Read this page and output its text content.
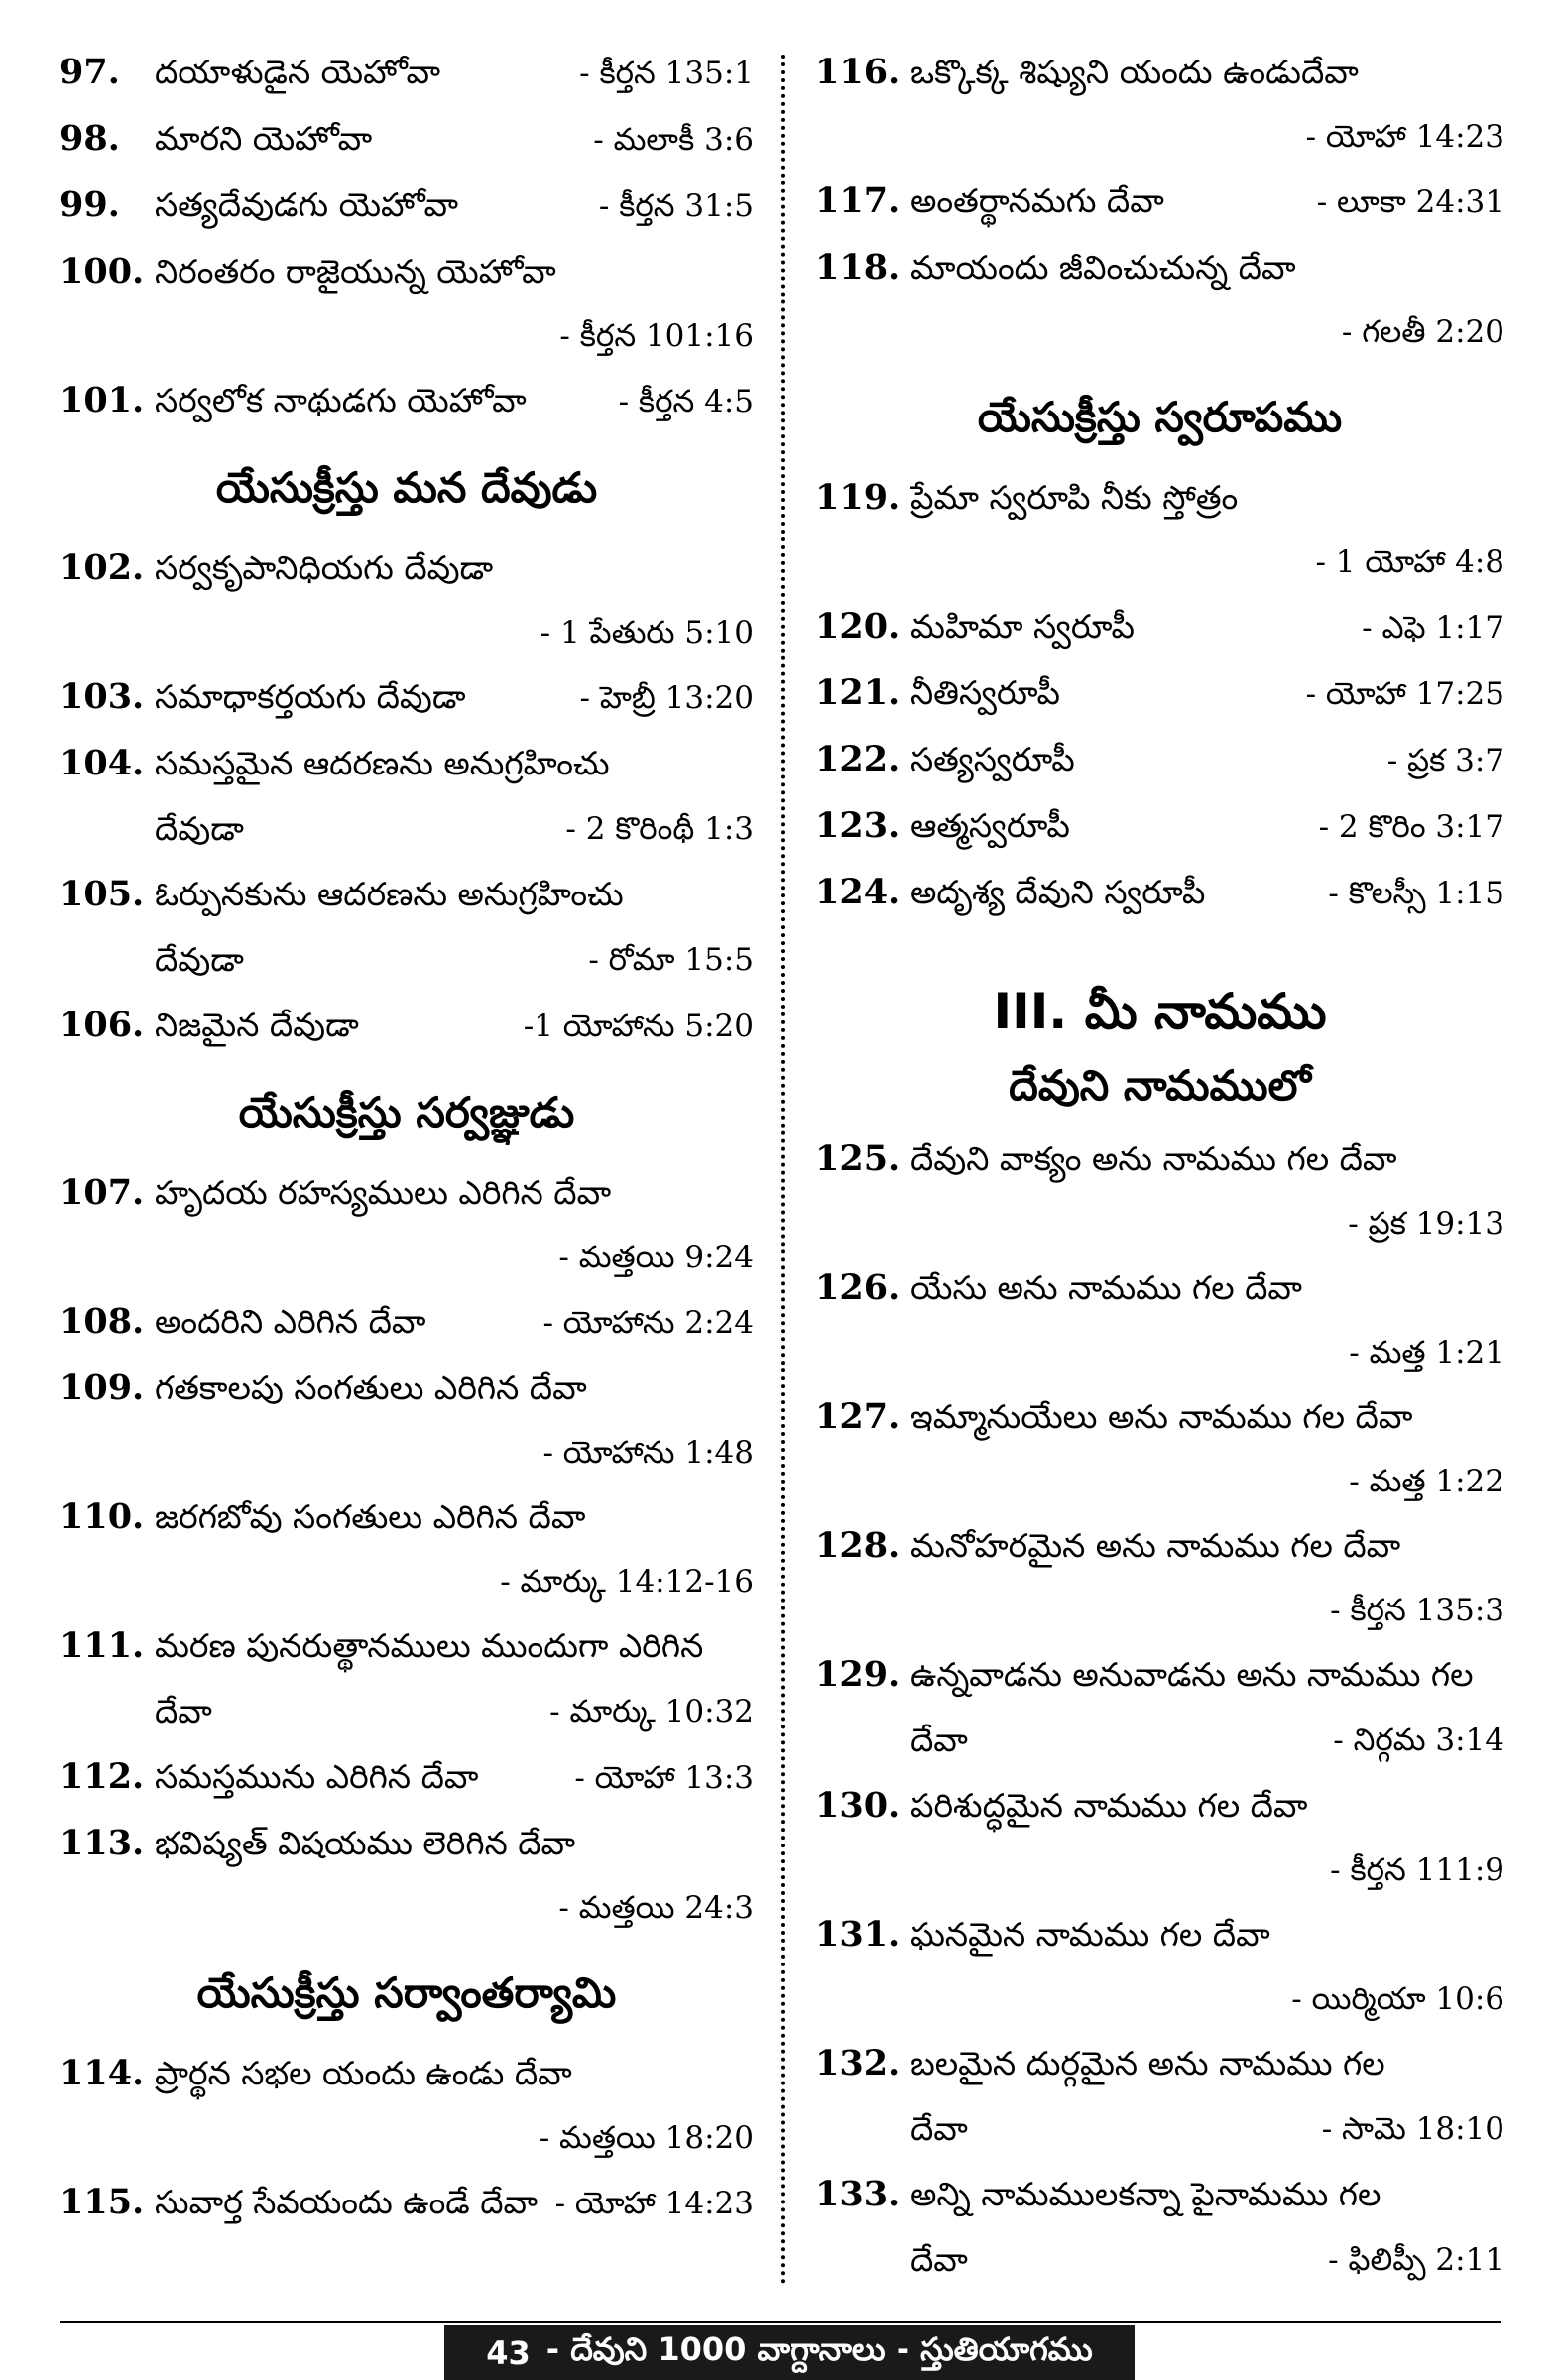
97.	దయాళుడైన యెహోవా	- కీర్తన 135:1
98.	మారని యెహోవా	- మలాకీ 3:6
99.	సత్యదేవుడగు యెహోవా	- కీర్తన 31:5
100. నిరంతరం రాజైయున్న యెహోవా
- కీర్తన 101:16
101. సర్వలోక నాథుడగు యెహోవా	- కీర్తన 4:5
యేసుక్రీస్తు మన దేవుడు
102. సర్వకృపానిధియగు దేవుడా
- 1 పేతురు 5:10
103. సమాధాకర్తయగు దేవుడా	- హెబ్రీ 13:20
104. సమస్తమైన ఆదరణను అనుగ్రహించు
దేవుడా	- 2 కొరింథీ 1:3
105. ఓర్పునకును ఆదరణను అనుగ్రహించు
దేవుడా	- రోమా 15:5
106. నిజమైన దేవుడా	-1 యోహాను 5:20
యేసుక్రీస్తు సర్వజ్ఞుడు
107. హృదయ రహస్యములు ఎరిగిన దేవా
- మత్తయి 9:24
108. అందరిని ఎరిగిన దేవా	- యోహాను 2:24
109. గతకాలపు సంగతులు ఎరిగిన దేవా
- యోహాను 1:48
110. జరగబోవు సంగతులు ఎరిగిన దేవా
- మార్కు 14:12-16
111. మరణ పునరుత్థానములు ముందుగా ఎరిగిన
దేవా	- మార్కు 10:32
112. సమస్తమును ఎరిగిన దేవా	- యోహా 13:3
113. భవిష్యత్ విషయము లెరిగిన దేవా
- మత్తయి 24:3
యేసుక్రీస్తు సర్వాంతర్యామి
114. ప్రార్థన సభల యందు ఉండు దేవా
- మత్తయి 18:20
115. సువార్త సేవయందు ఉండే దేవా - యోహా 14:23
116. ఒక్కొక్క శిష్యుని యందు ఉండుదేవా
- యోహా 14:23
117. అంతర్థానమగు దేవా	- లూకా 24:31
118. మాయందు జీవించుచున్న దేవా
- గలతీ 2:20
యేసుక్రీస్తు స్వరూపము
119. ప్రేమా స్వరూపి నీకు స్తోత్రం
- 1 యోహా 4:8
120. మహిమా స్వరూపీ	- ఎఫె 1:17
121. నీతిస్వరూపీ	- యోహా 17:25
122. సత్యస్వరూపీ	- ప్రక 3:7
123. ఆత్మస్వరూపీ	- 2 కొరిం 3:17
124. అదృశ్య దేవుని స్వరూపీ	- కొలస్సీ 1:15
III. మీ నామము
దేవుని నామములో
125. దేవుని వాక్యం అను నామము గల దేవా
- ప్రక 19:13
126. యేసు అను నామము గల దేవా
- మత్త 1:21
127. ఇమ్మానుయేలు అను నామము గల దేవా
- మత్త 1:22
128. మనోహరమైన అను నామము గల దేవా
- కీర్తన 135:3
129. ఉన్నవాడను అనువాడను అను నామము గల
దేవా	- నిర్గమ 3:14
130. పరిశుద్ధమైన నామము గల దేవా
- కీర్తన 111:9
131. ఘనమైన నామము గల దేవా
- యిర్మియా 10:6
132. బలమైన దుర్గమైన అను నామము గల
దేవా	- సామె 18:10
133. అన్ని నామములకన్నా పైనామము గల
దేవా	- ఫిలిప్పీ 2:11
43 - దేవుని 1000 వాగ్దానాలు - స్తుతియాగము
